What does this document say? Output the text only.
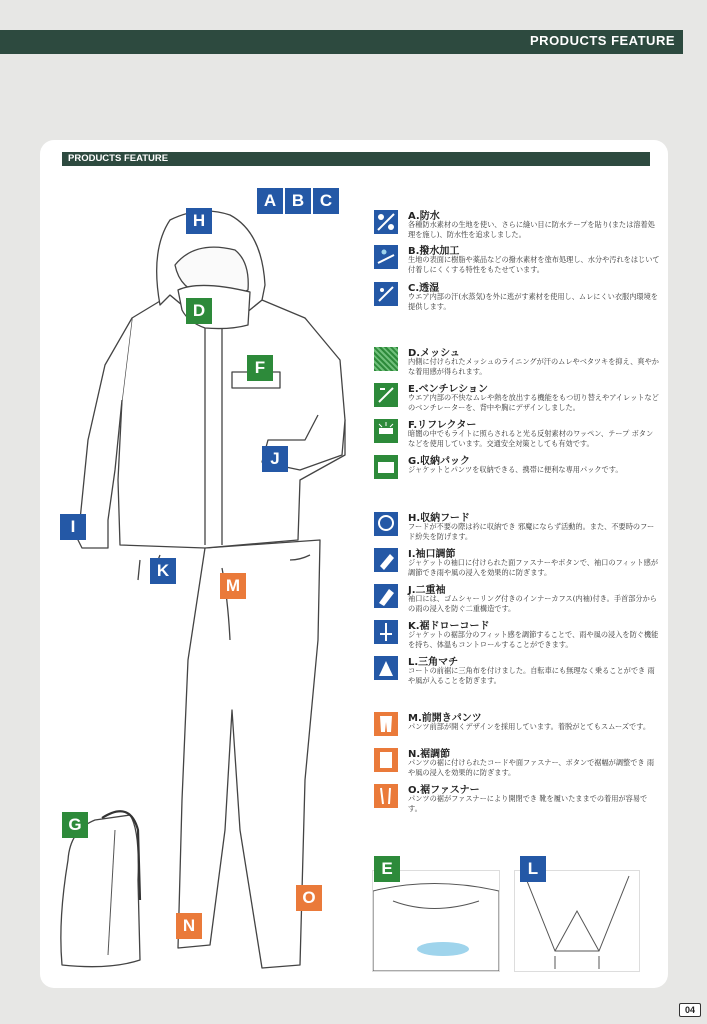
PRODUCTS FEATURE
PRODUCTS FEATURE
A B C
H
D
F
J
I
K
M
G
N
O
E	L
A.防水
各種防水素材の生地を使い、さらに縫い目に防水テープを貼り(または溶着処理を施し)、防水性を追求しました。
B.撥水加工
生地の表面に樹脂や薬品などの撥水素材を塗布処理し、水分や汚れをはじいて付着しにくくする特性をもたせています。
C.透湿
ウエア内部の汗(水蒸気)を外に逃がす素材を使用し、ムレにくい衣服内環境を提供します。
D.メッシュ
内側に付けられたメッシュのライニングが汗のムレやベタツキを抑え、爽やかな着用感が得られます。
E.ベンチレション
ウエア内部の不快なムレや熱を放出する機能をもつ切り替えやアイレットなどのベンチレーターを、背中や胸にデザインしました。
F.リフレクター
暗闇の中でもライトに照らされると光る反射素材のワッペン、テープ ボタンなどを使用しています。交通安全対策としても有効です。
G.収納パック
ジャケットとパンツを収納できる、携帯に便利な専用パックです。
H.収納フード
フードが不要の際は衿に収納でき 邪魔にならず活動的。また、不要時のフード紛失を防げます。
I.袖口調節
ジャケットの袖口に付けられた面ファスナーやボタンで、袖口のフィット感が調節でき雨や風の浸入を効果的に防ぎます。
J.二重袖
袖口には、ゴムシャーリング付きのインナーカフス(内袖)付き。手首部分からの雨の浸入を防ぐ二重構造です。
K.裾ドローコード
ジャケットの裾部分のフィット感を調節することで、雨や風の浸入を防ぐ機能を持ち、体温もコントロールすることができます。
L.三角マチ
コートの前裾に三角布を付けました。自転車にも無理なく乗ることができ 雨や風が入ることを防ぎます。
M.前開きパンツ
パンツ前部が開くデザインを採用しています。着脱がとてもスムーズです。
N.裾調節
パンツの裾に付けられたコードや面ファスナー、ボタンで裾幅が調整でき 雨や風の浸入を効果的に防ぎます。
O.裾ファスナー
パンツの裾がファスナーにより開閉でき 靴を履いたままでの着用が容易です。
04
